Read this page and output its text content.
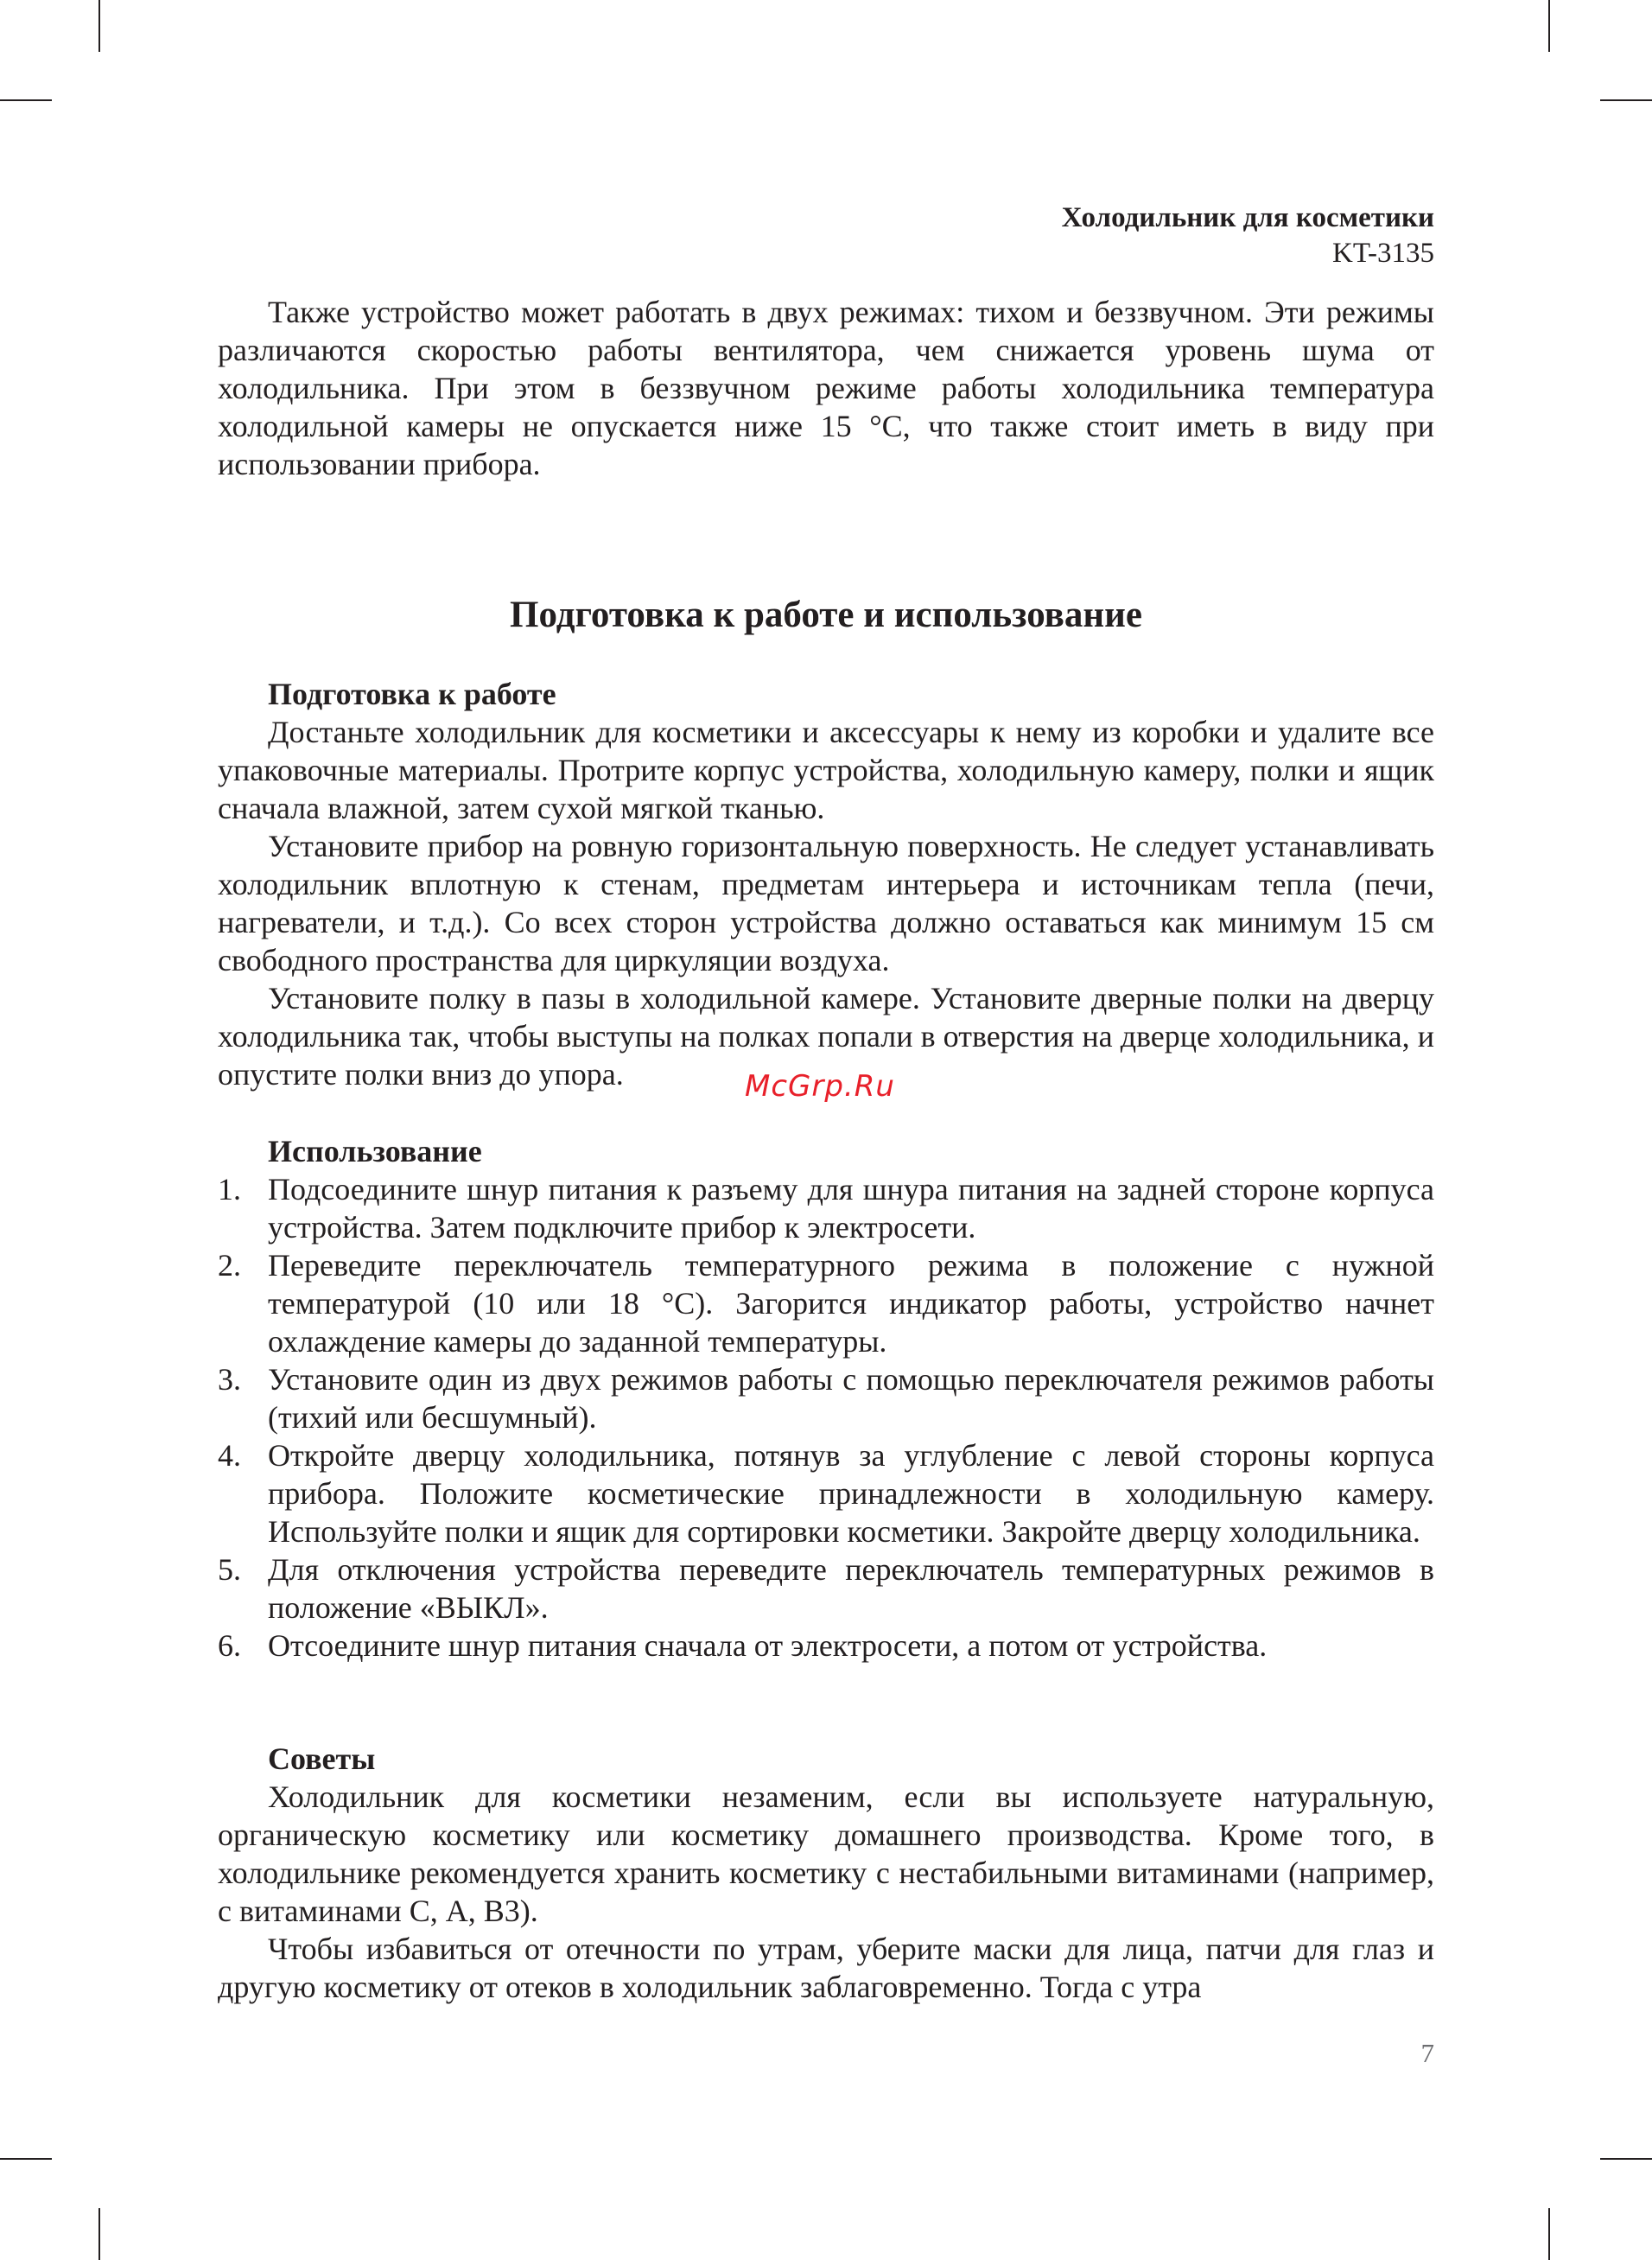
Холодильник для косметики
KT-3135

Также устройство может работать в двух режимах: тихом и беззвучном. Эти режимы различаются скоростью работы вентилятора, чем снижается уровень шума от холодильника. При этом в беззвучном режиме работы холодильника температура холодильной камеры не опускается ниже 15 °C, что также стоит иметь в виду при использовании прибора.

Подготовка к работе и использование

Подготовка к работе

Достаньте холодильник для косметики и аксессуары к нему из коробки и удалите все упаковочные материалы. Протрите корпус устройства, холодильную камеру, полки и ящик сначала влажной, затем сухой мягкой тканью.

Установите прибор на ровную горизонтальную поверхность. Не следует устанавливать холодильник вплотную к стенам, предметам интерьера и источникам тепла (печи, нагреватели, и т.д.). Со всех сторон устройства должно оставаться как минимум 15 см свободного пространства для циркуляции воздуха.

Установите полку в пазы в холодильной камере. Установите дверные полки на дверцу холодильника так, чтобы выступы на полках попали в отверстия на дверце холодильника, и опустите полки вниз до упора.	McGrp.Ru

Использование

1. Подсоедините шнур питания к разъему для шнура питания на задней стороне корпуса устройства. Затем подключите прибор к электросети.
2. Переведите переключатель температурного режима в положение с нужной температурой (10 или 18 °C). Загорится индикатор работы, устройство начнет охлаждение камеры до заданной температуры.
3. Установите один из двух режимов работы с помощью переключателя режимов работы (тихий или бесшумный).
4. Откройте дверцу холодильника, потянув за углубление с левой стороны корпуса прибора. Положите косметические принадлежности в холодильную камеру. Используйте полки и ящик для сортировки косметики. Закройте дверцу холодильника.
5. Для отключения устройства переведите переключатель температурных режимов в положение «ВЫКЛ».
6. Отсоедините шнур питания сначала от электросети, а потом от устройства.

Советы

Холодильник для косметики незаменим, если вы используете натуральную, органическую косметику или косметику домашнего производства. Кроме того, в холодильнике рекомендуется хранить косметику с нестабильными витаминами (например, с витаминами С, А, В3).

Чтобы избавиться от отечности по утрам, уберите маски для лица, патчи для глаз и другую косметику от отеков в холодильник заблаговременно. Тогда с утра

7
